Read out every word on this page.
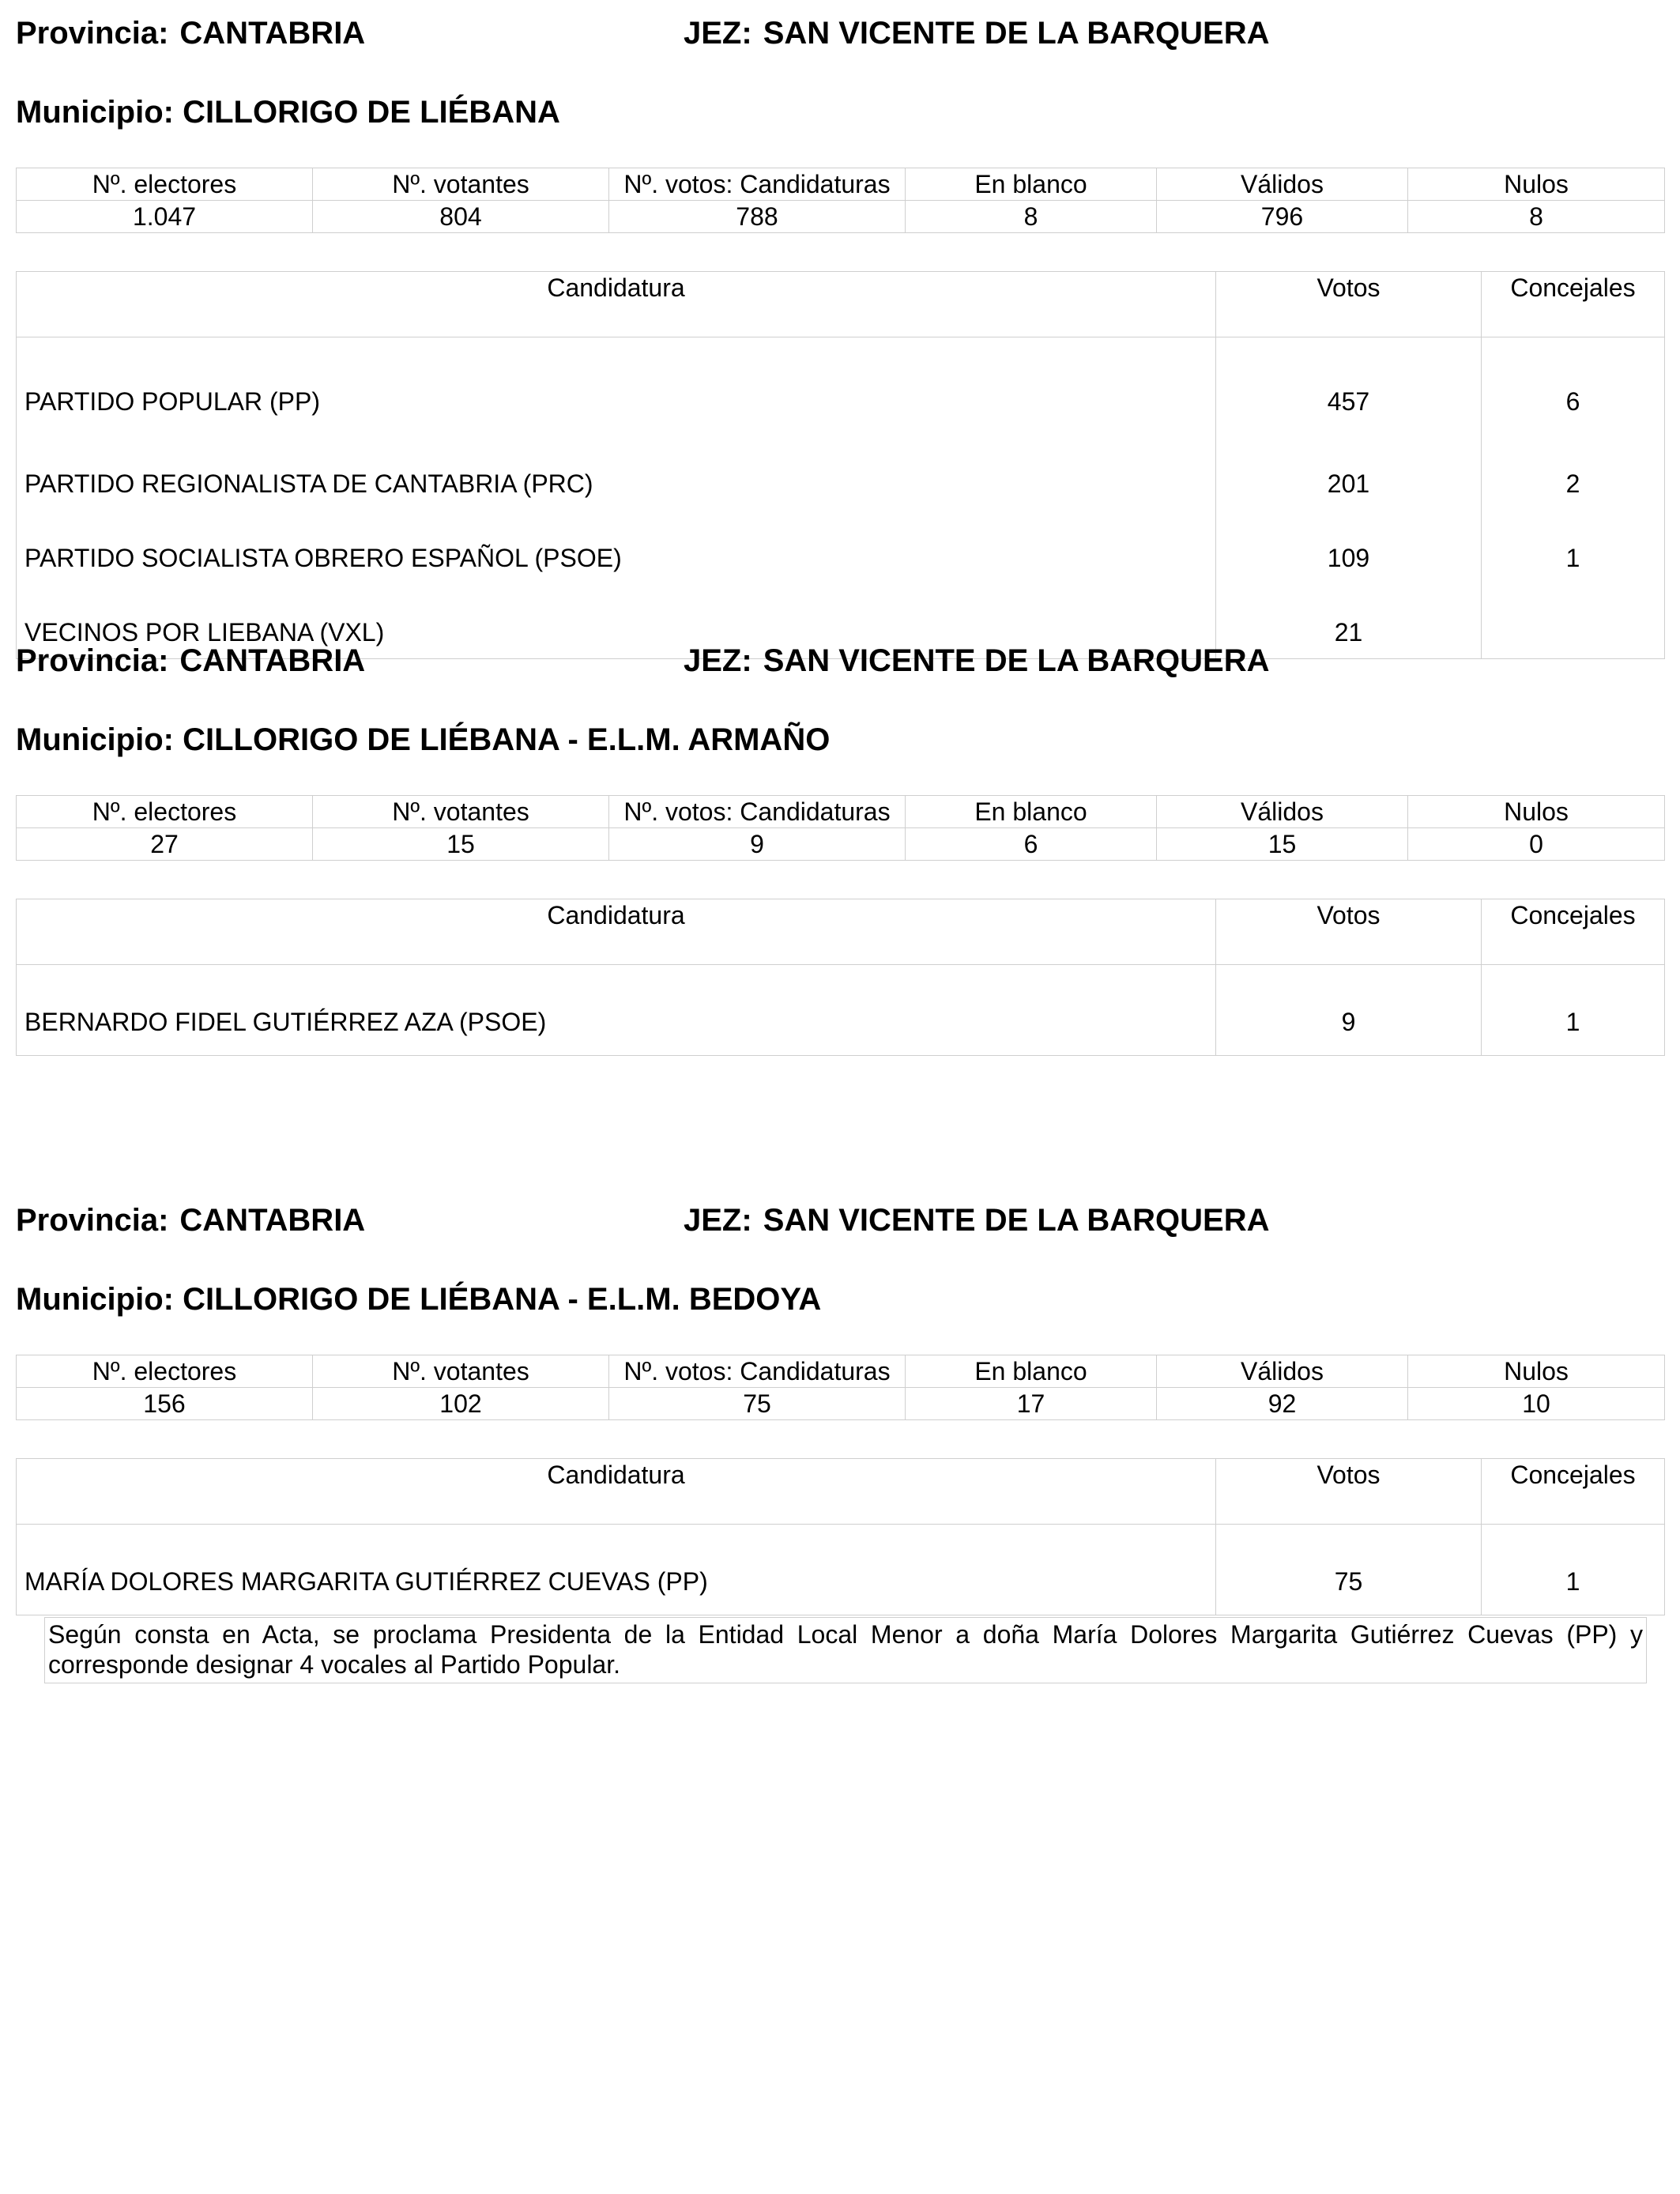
Provincia: CANTABRIA	JEZ: SAN VICENTE DE LA BARQUERA
Municipio: CILLORIGO DE LIÉBANA
Nº. electores	Nº. votantes	Nº. votos: Candidaturas	En blanco	Válidos	Nulos
1.047	804	788	8	796	8
Candidatura	Votos	Concejales
PARTIDO POPULAR (PP)	457	6
PARTIDO REGIONALISTA DE CANTABRIA (PRC)	201	2
PARTIDO SOCIALISTA OBRERO ESPAÑOL (PSOE)	109	1
VECINOS POR LIEBANA (VXL)	21	
Provincia: CANTABRIA	JEZ: SAN VICENTE DE LA BARQUERA
Municipio: CILLORIGO DE LIÉBANA - E.L.M. ARMAÑO
Nº. electores	Nº. votantes	Nº. votos: Candidaturas	En blanco	Válidos	Nulos
27	15	9	6	15	0
Candidatura	Votos	Concejales
BERNARDO FIDEL GUTIÉRREZ AZA (PSOE)	9	1
Provincia: CANTABRIA	JEZ: SAN VICENTE DE LA BARQUERA
Municipio: CILLORIGO DE LIÉBANA - E.L.M. BEDOYA
Nº. electores	Nº. votantes	Nº. votos: Candidaturas	En blanco	Válidos	Nulos
156	102	75	17	92	10
Candidatura	Votos	Concejales
MARÍA DOLORES MARGARITA GUTIÉRREZ CUEVAS (PP)	75	1
Según consta en Acta, se proclama Presidenta de la Entidad Local Menor a doña María Dolores Margarita Gutiérrez Cuevas (PP) y corresponde designar 4 vocales al Partido Popular.
